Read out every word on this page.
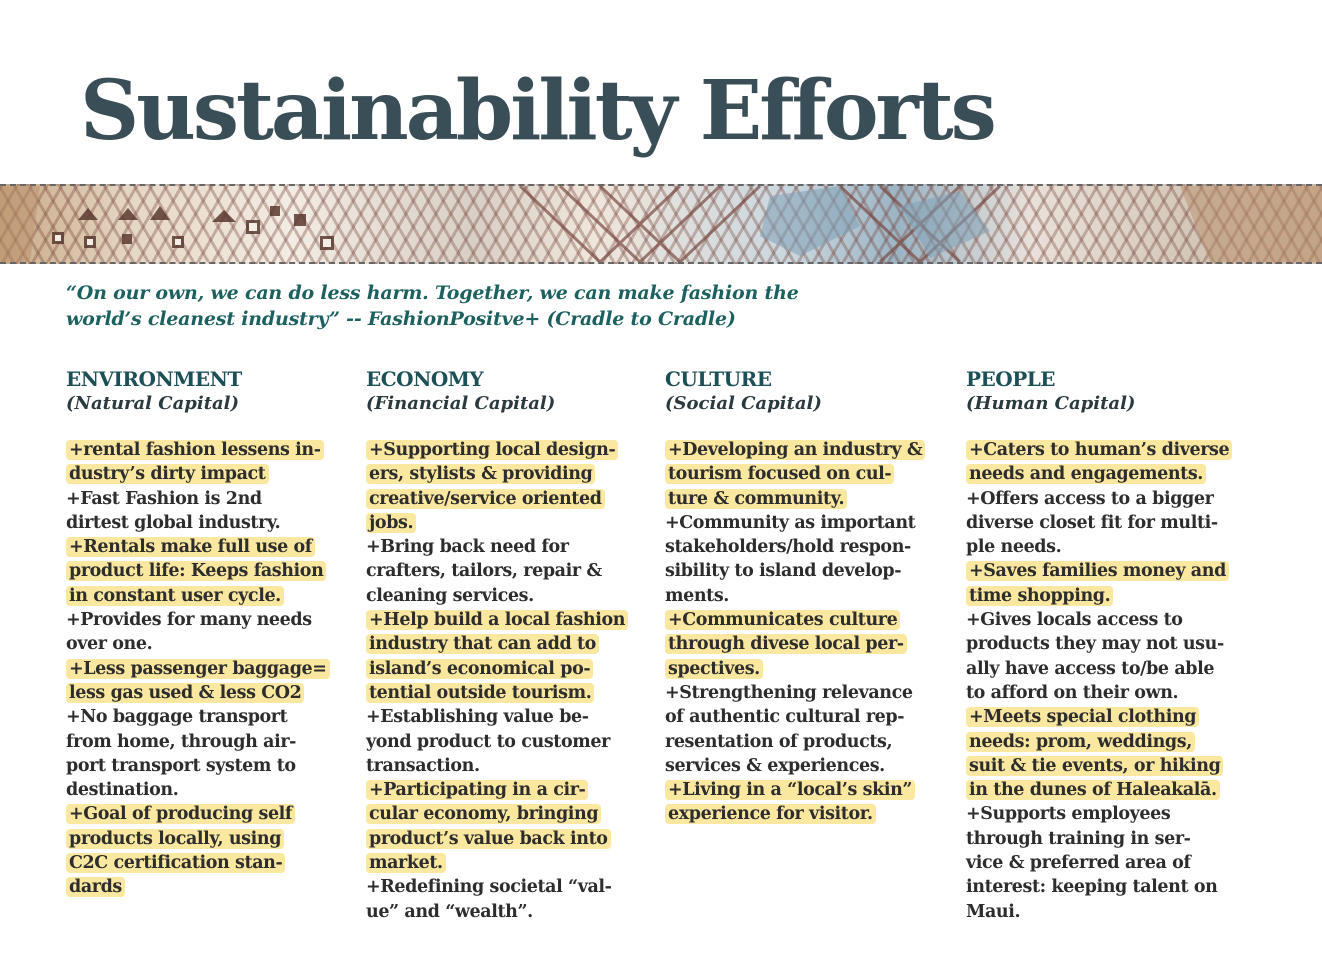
Sustainability Efforts

“On our own, we can do less harm. Together, we can make fashion the
world’s cleanest industry” -- FashionPositve+ (Cradle to Cradle)

ENVIRONMENT
(Natural Capital)

+rental fashion lessens in-
dustry’s dirty impact

+Fast Fashion is 2nd
dirtest global industry.

+Rentals make full use of
product life: Keeps fashion
in constant user cycle.

+Provides for many needs
over one.

+Less passenger baggage=
less gas used & less CO2

+No baggage transport
from home, through air-
port transport system to
destination.

+Goal of producing self
products locally, using
C2C certification stan-
dards

ECONOMY
(Financial Capital)

+Supporting local design-
ers, stylists & providing
creative/service oriented
jobs.

+Bring back need for
crafters, tailors, repair &
cleaning services.

+Help build a local fashion
industry that can add to
island’s economical po-
tential outside tourism.

+Establishing value be-
yond product to customer
transaction.

+Participating in a cir-
cular economy, bringing
product’s value back into
market.

+Redefining societal “val-
ue” and “wealth”.

CULTURE
(Social Capital)

+Developing an industry &
tourism focused on cul-
ture & community.

+Community as important
stakeholders/hold respon-
sibility to island develop-
ments.

+Communicates culture
through divese local per-
spectives.

+Strengthening relevance
of authentic cultural rep-
resentation of products,
services & experiences.

+Living in a “local’s skin”
experience for visitor.

PEOPLE
(Human Capital)

+Caters to human’s diverse
needs and engagements.

+Offers access to a bigger
diverse closet fit for multi-
ple needs.

+Saves families money and
time shopping.

+Gives locals access to
products they may not usu-
ally have access to/be able
to afford on their own.

+Meets special clothing
needs: prom, weddings,
suit & tie events, or hiking
in the dunes of Haleakalā.

+Supports employees
through training in ser-
vice & preferred area of
interest: keeping talent on
Maui.
